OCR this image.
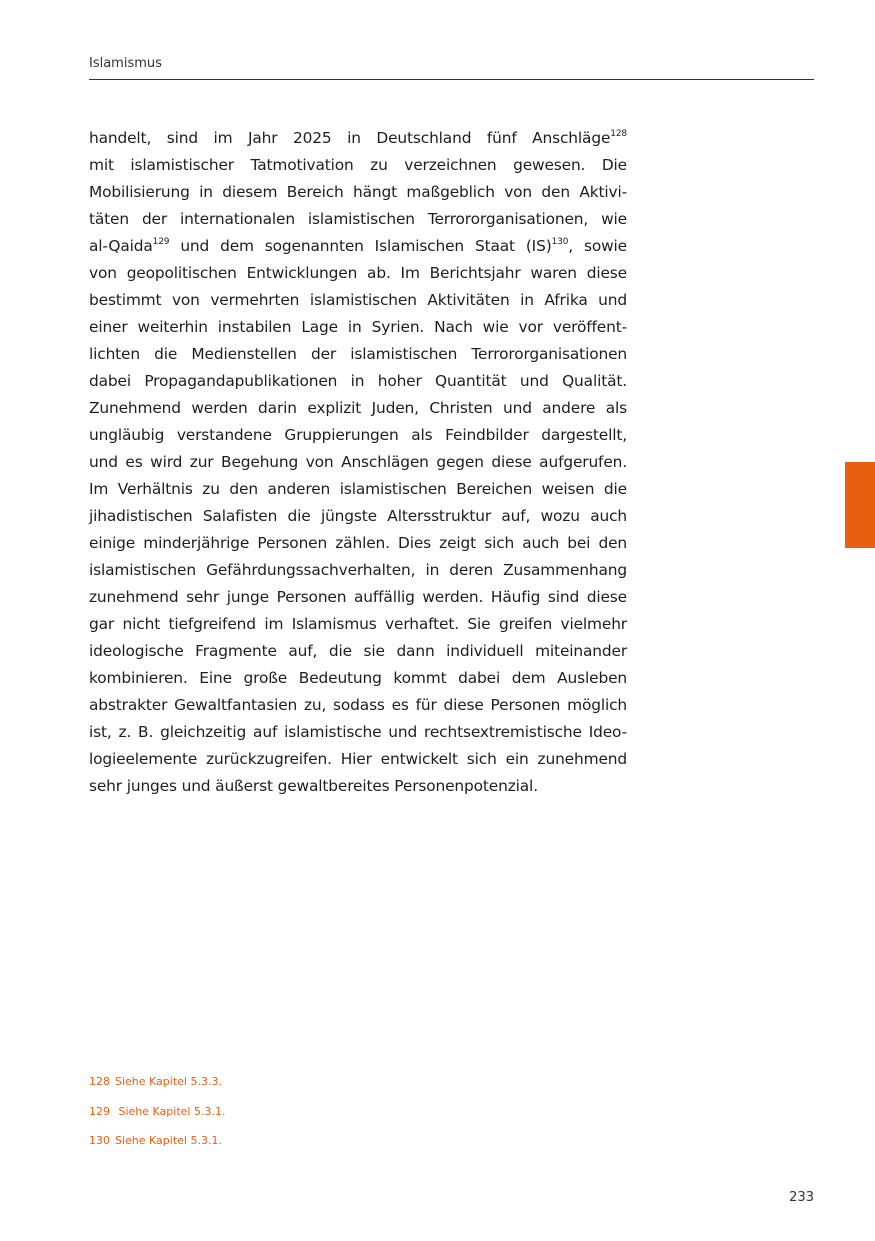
Islamismus
handelt, sind im Jahr 2025 in Deutschland fünf Anschläge$^{128}$
mit islamistischer Tatmotivation zu verzeichnen gewesen. Die
Mobilisierung in diesem Bereich hängt maßgeblich von den Aktivi-
täten der internationalen islamistischen Terrororganisationen, wie
al-Qaida$^{129}$ und dem sogenannten Islamischen Staat (IS)$^{130}$, sowie
von geopolitischen Entwicklungen ab. Im Berichtsjahr waren diese
bestimmt von vermehrten islamistischen Aktivitäten in Afrika und
einer weiterhin instabilen Lage in Syrien. Nach wie vor veröffent-
lichten die Medienstellen der islamistischen Terrororganisationen
dabei Propagandapublikationen in hoher Quantität und Qualität.
Zunehmend werden darin explizit Juden, Christen und andere als
ungläubig verstandene Gruppierungen als Feindbilder dargestellt,
und es wird zur Begehung von Anschlägen gegen diese aufgerufen.
Im Verhältnis zu den anderen islamistischen Bereichen weisen die
jihadistischen Salafisten die jüngste Altersstruktur auf, wozu auch
einige minderjährige Personen zählen. Dies zeigt sich auch bei den
islamistischen Gefährdungssachverhalten, in deren Zusammenhang
zunehmend sehr junge Personen auffällig werden. Häufig sind diese
gar nicht tiefgreifend im Islamismus verhaftet. Sie greifen vielmehr
ideologische Fragmente auf, die sie dann individuell miteinander
kombinieren. Eine große Bedeutung kommt dabei dem Ausleben
abstrakter Gewaltfantasien zu, sodass es für diese Personen möglich
ist, z. B. gleichzeitig auf islamistische und rechtsextremistische Ideo-
logieelemente zurückzugreifen. Hier entwickelt sich ein zunehmend
sehr junges und äußerst gewaltbereites Personenpotenzial.
128 Siehe Kapitel 5.3.3.
129 Siehe Kapitel 5.3.1.
130 Siehe Kapitel 5.3.1.
233
